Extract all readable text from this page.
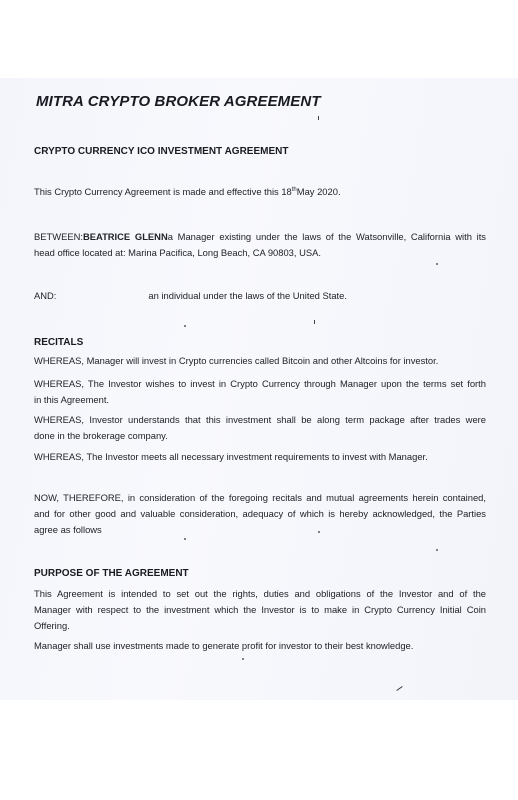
MITRA CRYPTO BROKER AGREEMENT
CRYPTO CURRENCY ICO INVESTMENT AGREEMENT
This Crypto Currency Agreement is made and effective this 18thMay 2020.
BETWEEN:BEATRICE GLENNa Manager existing under the laws of the Watsonville, California with its
head office located at: Marina Pacifica, Long Beach, CA 90803, USA.
AND:	an individual under the laws of the United State.
RECITALS
WHEREAS, Manager will invest in Crypto currencies called Bitcoin and other Altcoins for investor.
WHEREAS, The Investor wishes to invest in Crypto Currency through Manager upon the terms set forth
in this Agreement.
WHEREAS, Investor understands that this investment shall be along term package after trades were
done in the brokerage company.
WHEREAS, The Investor meets all necessary investment requirements to invest with Manager.
NOW, THEREFORE, in consideration of the foregoing recitals and mutual agreements herein contained,
and for other good and valuable consideration, adequacy of which is hereby acknowledged, the Parties
agree as follows
PURPOSE OF THE AGREEMENT
This Agreement is intended to set out the rights, duties and obligations of the Investor and of the
Manager with respect to the investment which the Investor is to make in Crypto Currency Initial Coin
Offering.
Manager shall use investments made to generate profit for investor to their best knowledge.
